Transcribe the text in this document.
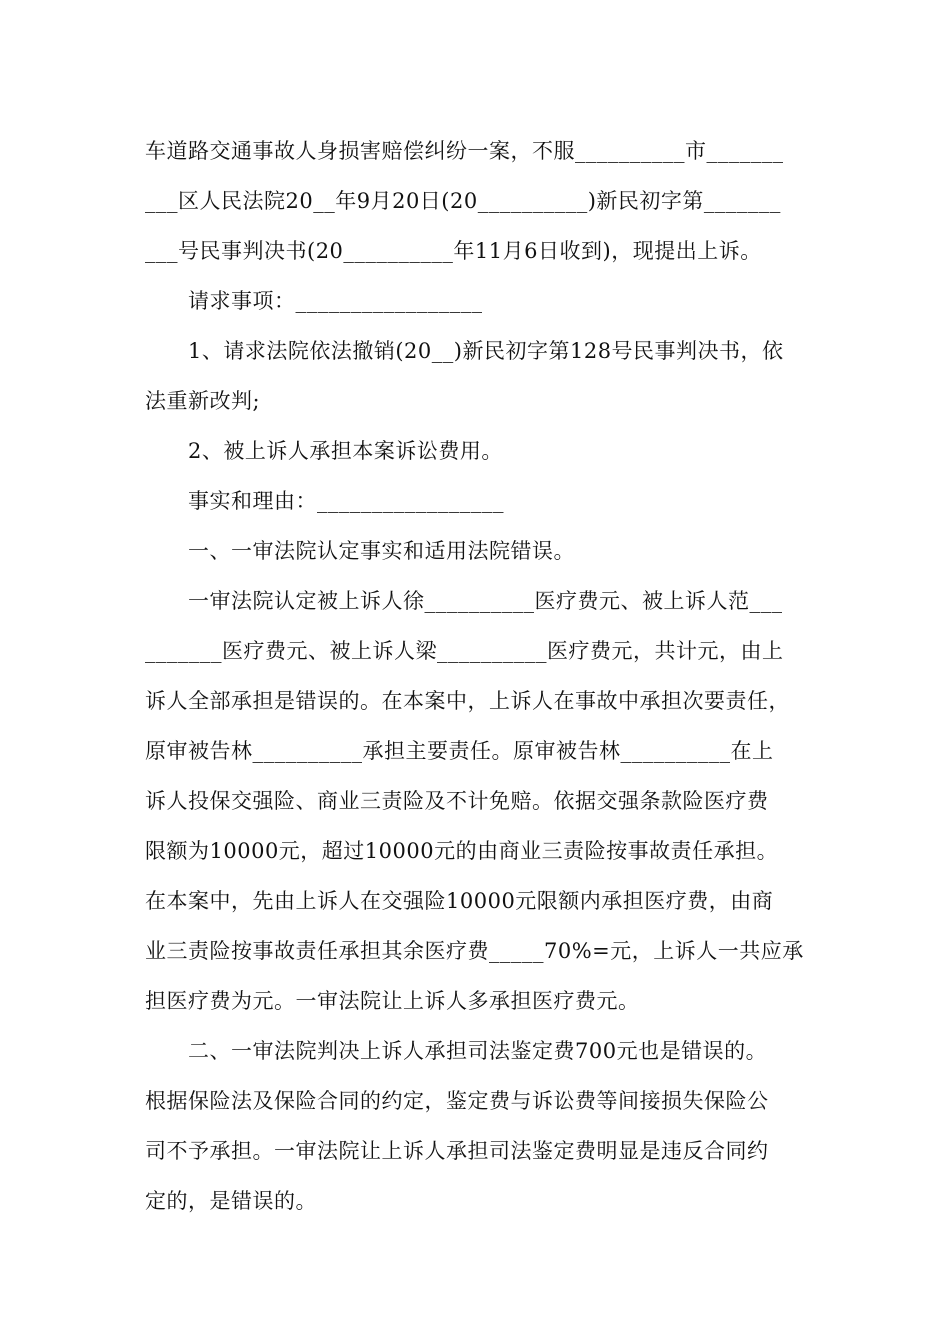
车道路交通事故人身损害赔偿纠纷一案，不服__________市_______
___区人民法院20__年9月20日(20__________)新民初字第_______
___号民事判决书(20__________年11月6日收到)，现提出上诉。
请求事项：_________________
1、请求法院依法撤销(20__)新民初字第128号民事判决书，依
法重新改判;
2、被上诉人承担本案诉讼费用。
事实和理由：_________________
一、一审法院认定事实和适用法院错误。
一审法院认定被上诉人徐__________医疗费元、被上诉人范___
_______医疗费元、被上诉人梁__________医疗费元，共计元，由上
诉人全部承担是错误的。在本案中，上诉人在事故中承担次要责任，
原审被告林__________承担主要责任。原审被告林__________在上
诉人投保交强险、商业三责险及不计免赔。依据交强条款险医疗费
限额为10000元，超过10000元的由商业三责险按事故责任承担。
在本案中，先由上诉人在交强险10000元限额内承担医疗费，由商
业三责险按事故责任承担其余医疗费_____70%=元，上诉人一共应承
担医疗费为元。一审法院让上诉人多承担医疗费元。
二、一审法院判决上诉人承担司法鉴定费700元也是错误的。
根据保险法及保险合同的约定，鉴定费与诉讼费等间接损失保险公
司不予承担。一审法院让上诉人承担司法鉴定费明显是违反合同约
定的，是错误的。
